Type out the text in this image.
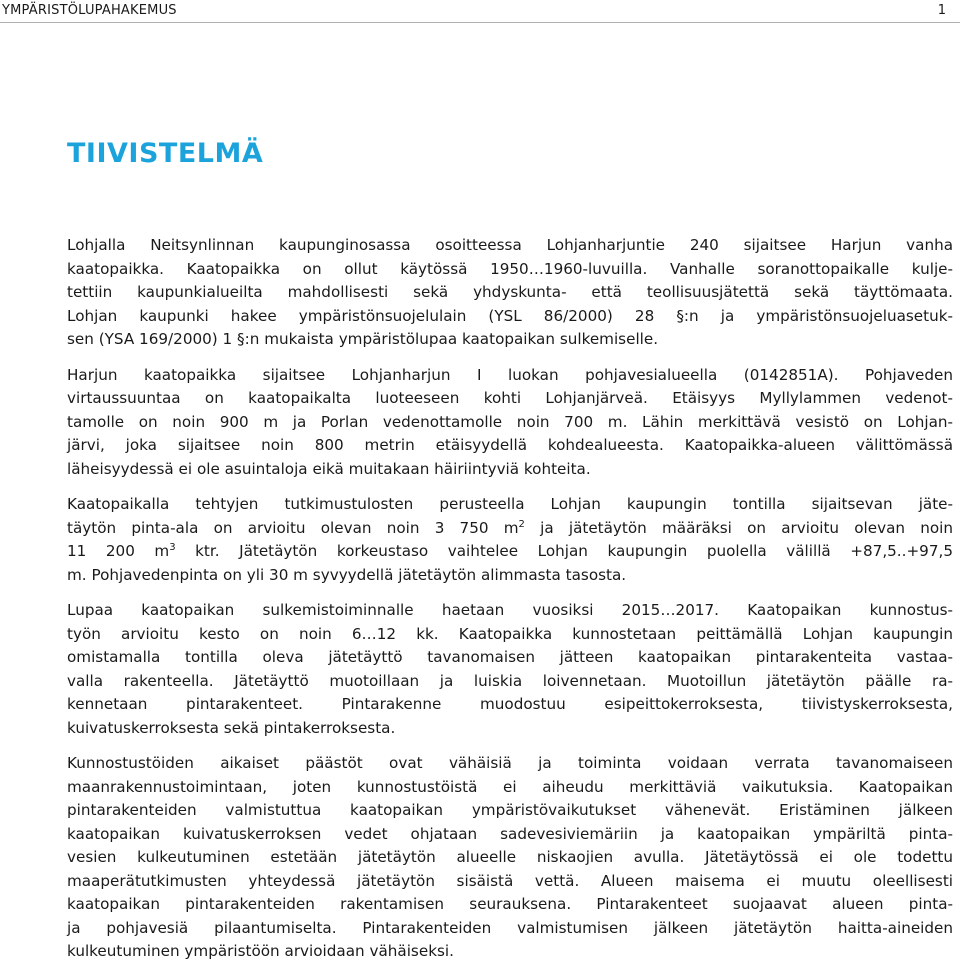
YMPÄRISTÖLUPAHAKEMUS	1
TIIVISTELMÄ

Lohjalla Neitsynlinnan kaupunginosassa osoitteessa Lohjanharjuntie 240 sijaitsee Harjun vanha
kaatopaikka. Kaatopaikka on ollut käytössä 1950…1960-luvuilla. Vanhalle soranottopaikalle kulje-
tettiin kaupunkialueilta mahdollisesti sekä yhdyskunta- että teollisuusjätettä sekä täyttömaata.
Lohjan kaupunki hakee ympäristönsuojelulain (YSL 86/2000) 28 §:n ja ympäristönsuojeluasetuk-
sen (YSA 169/2000) 1 §:n mukaista ympäristölupaa kaatopaikan sulkemiselle.

Harjun kaatopaikka sijaitsee Lohjanharjun I luokan pohjavesialueella (0142851A). Pohjaveden
virtaussuuntaa on kaatopaikalta luoteeseen kohti Lohjanjärveä. Etäisyys Myllylammen vedenot-
tamolle on noin 900 m ja Porlan vedenottamolle noin 700 m. Lähin merkittävä vesistö on Lohjan-
järvi, joka sijaitsee noin 800 metrin etäisyydellä kohdealueesta. Kaatopaikka-alueen välittömässä
läheisyydessä ei ole asuintaloja eikä muitakaan häiriintyviä kohteita.

Kaatopaikalla tehtyjen tutkimustulosten perusteella Lohjan kaupungin tontilla sijaitsevan jäte-
täytön pinta-ala on arvioitu olevan noin 3 750 $m^2$ ja jätetäytön määräksi on arvioitu olevan noin
11 200 $m^3$ ktr. Jätetäytön korkeustaso vaihtelee Lohjan kaupungin puolella välillä +87,5..+97,5
m. Pohjavedenpinta on yli 30 m syvyydellä jätetäytön alimmasta tasosta.

Lupaa kaatopaikan sulkemistoiminnalle haetaan vuosiksi 2015…2017. Kaatopaikan kunnostus-
työn arvioitu kesto on noin 6…12 kk. Kaatopaikka kunnostetaan peittämällä Lohjan kaupungin
omistamalla tontilla oleva jätetäyttö tavanomaisen jätteen kaatopaikan pintarakenteita vastaa-
valla rakenteella. Jätetäyttö muotoillaan ja luiskia loivennetaan. Muotoillun jätetäytön päälle ra-
kennetaan pintarakenteet. Pintarakenne muodostuu esipeittokerroksesta, tiivistyskerroksesta,
kuivatuskerroksesta sekä pintakerroksesta.

Kunnostustöiden aikaiset päästöt ovat vähäisiä ja toiminta voidaan verrata tavanomaiseen
maanrakennustoimintaan, joten kunnostustöistä ei aiheudu merkittäviä vaikutuksia. Kaatopaikan
pintarakenteiden valmistuttua kaatopaikan ympäristövaikutukset vähenevät. Eristäminen jälkeen
kaatopaikan kuivatuskerroksen vedet ohjataan sadevesiviemäriin ja kaatopaikan ympäriltä pinta-
vesien kulkeutuminen estetään jätetäytön alueelle niskaojien avulla. Jätetäytössä ei ole todettu
maaperätutkimusten yhteydessä jätetäytön sisäistä vettä. Alueen maisema ei muutu oleellisesti
kaatopaikan pintarakenteiden rakentamisen seurauksena. Pintarakenteet suojaavat alueen pinta-
ja pohjavesiä pilaantumiselta. Pintarakenteiden valmistumisen jälkeen jätetäytön haitta-aineiden
kulkeutuminen ympäristöön arvioidaan vähäiseksi.
